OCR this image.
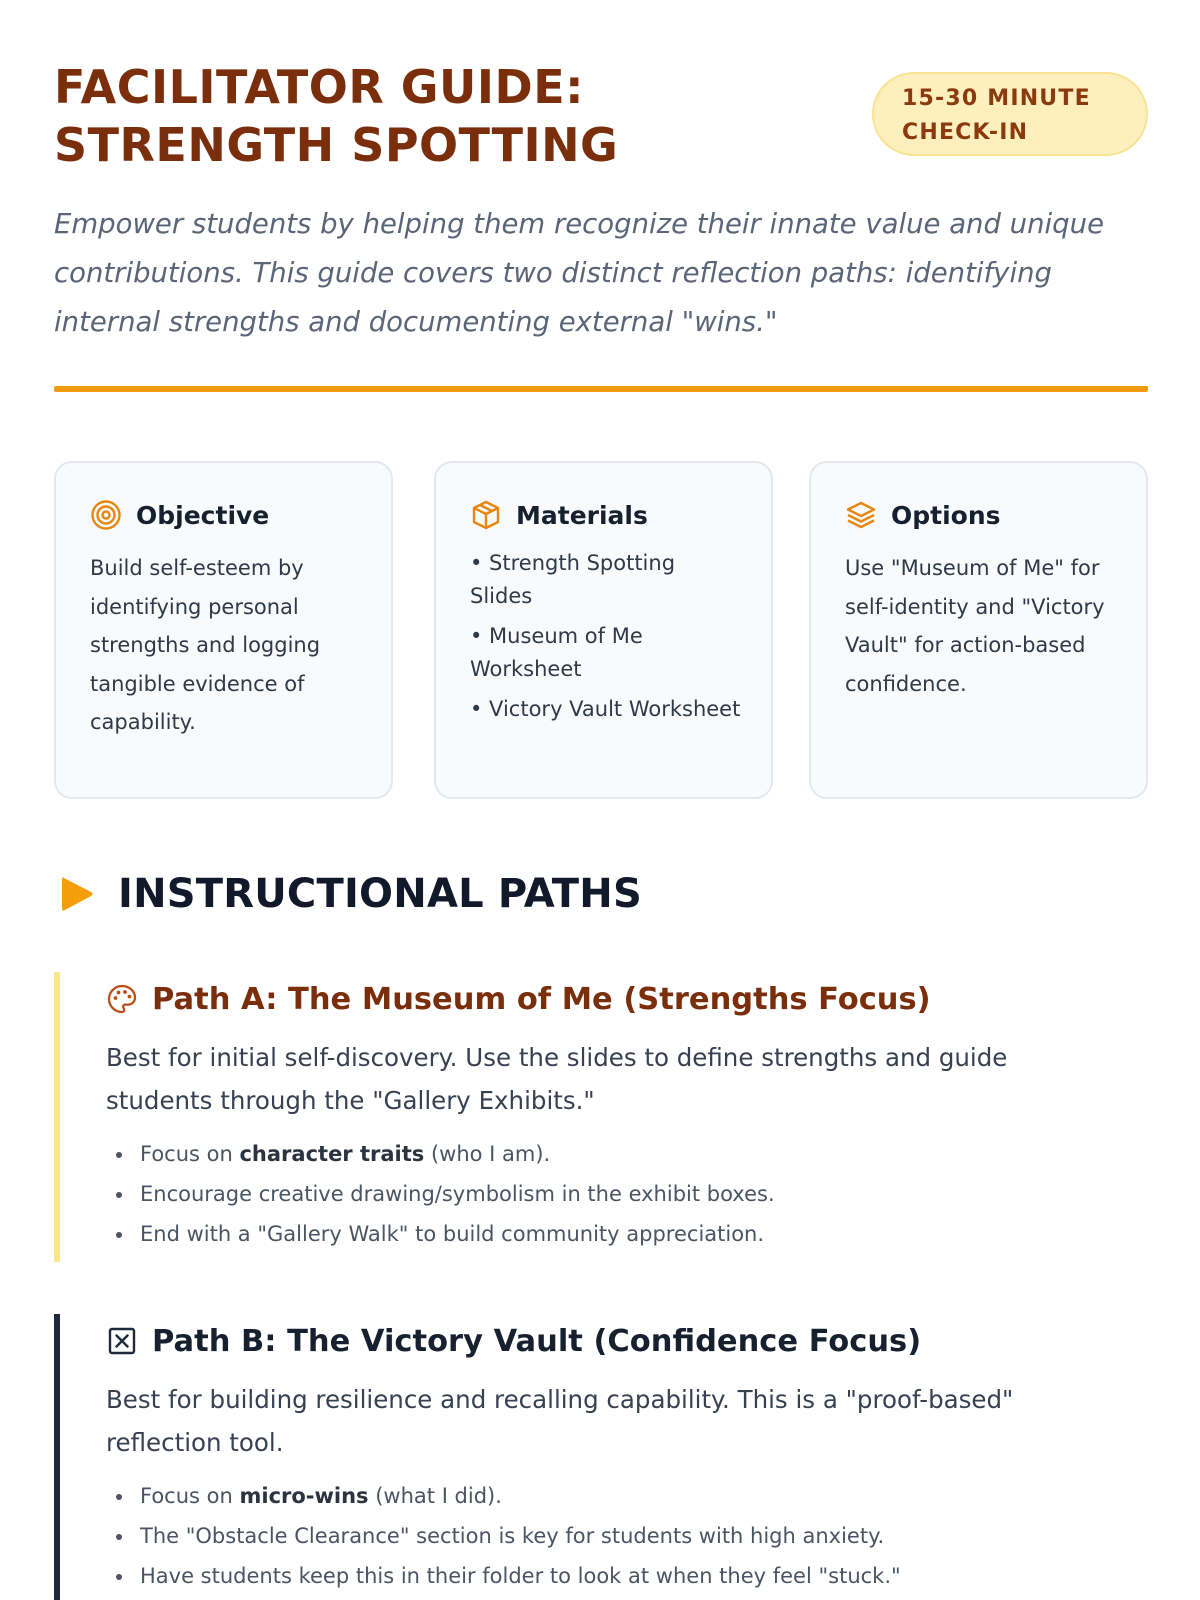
FACILITATOR GUIDE:
STRENGTH SPOTTING
15-30 MINUTE
CHECK-IN

Empower students by helping them recognize their innate value and unique contributions. This guide covers two distinct reflection paths: identifying internal strengths and documenting external "wins."

Objective

Build self-esteem by identifying personal strengths and logging tangible evidence of capability.

Materials
• Strength Spotting Slides
• Museum of Me Worksheet
• Victory Vault Worksheet
Options

Use "Museum of Me" for self-identity and "Victory Vault" for action-based confidence.

INSTRUCTIONAL PATHS
Path A: The Museum of Me (Strengths Focus)

Best for initial self-discovery. Use the slides to define strengths and guide students through the "Gallery Exhibits."

Focus on character traits (who I am).
Encourage creative drawing/symbolism in the exhibit boxes.
End with a "Gallery Walk" to build community appreciation.
Path B: The Victory Vault (Confidence Focus)

Best for building resilience and recalling capability. This is a "proof-based" reflection tool.

Focus on micro-wins (what I did).
The "Obstacle Clearance" section is key for students with high anxiety.
Have students keep this in their folder to look at when they feel "stuck."
